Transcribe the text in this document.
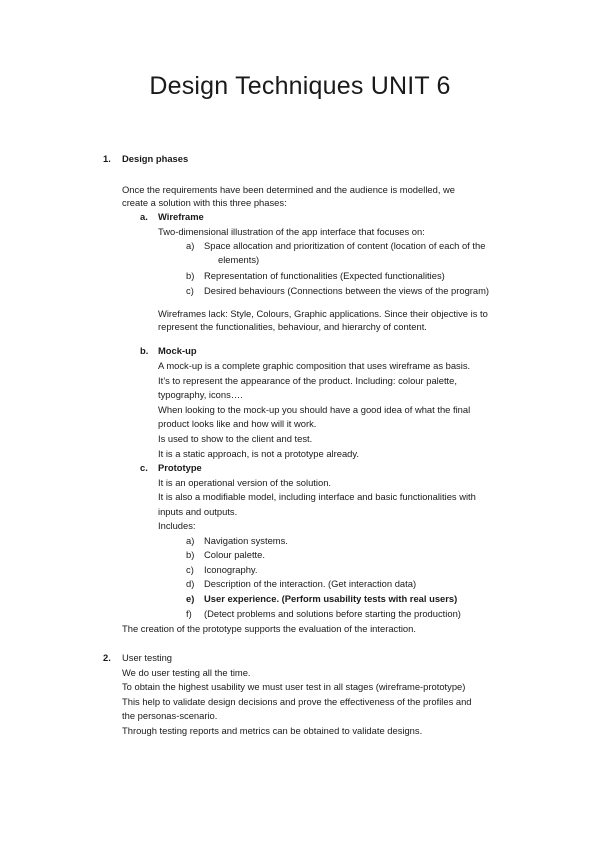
Design Techniques UNIT 6
1. Design phases
Once the requirements have been determined and the audience is modelled, we
create a solution with this three phases:
a. Wireframe
Two-dimensional illustration of the app interface that focuses on:
a) Space allocation and prioritization of content (location of each of the
elements)
b) Representation of functionalities (Expected functionalities)
c) Desired behaviours (Connections between the views of the program)
Wireframes lack: Style, Colours, Graphic applications. Since their objective is to
represent the functionalities, behaviour, and hierarchy of content.
b. Mock-up
A mock-up is a complete graphic composition that uses wireframe as basis.
It’s to represent the appearance of the product. Including: colour palette,
typography, icons….
When looking to the mock-up you should have a good idea of what the final
product looks like and how will it work.
Is used to show to the client and test.
It is a static approach, is not a prototype already.
c. Prototype
It is an operational version of the solution.
It is also a modifiable model, including interface and basic functionalities with
inputs and outputs.
Includes:
a) Navigation systems.
b) Colour palette.
c) Iconography.
d) Description of the interaction. (Get interaction data)
e) User experience. (Perform usability tests with real users)
f) (Detect problems and solutions before starting the production)
The creation of the prototype supports the evaluation of the interaction.
2. User testing
We do user testing all the time.
To obtain the highest usability we must user test in all stages (wireframe-prototype)
This help to validate design decisions and prove the effectiveness of the profiles and
the personas-scenario.
Through testing reports and metrics can be obtained to validate designs.
